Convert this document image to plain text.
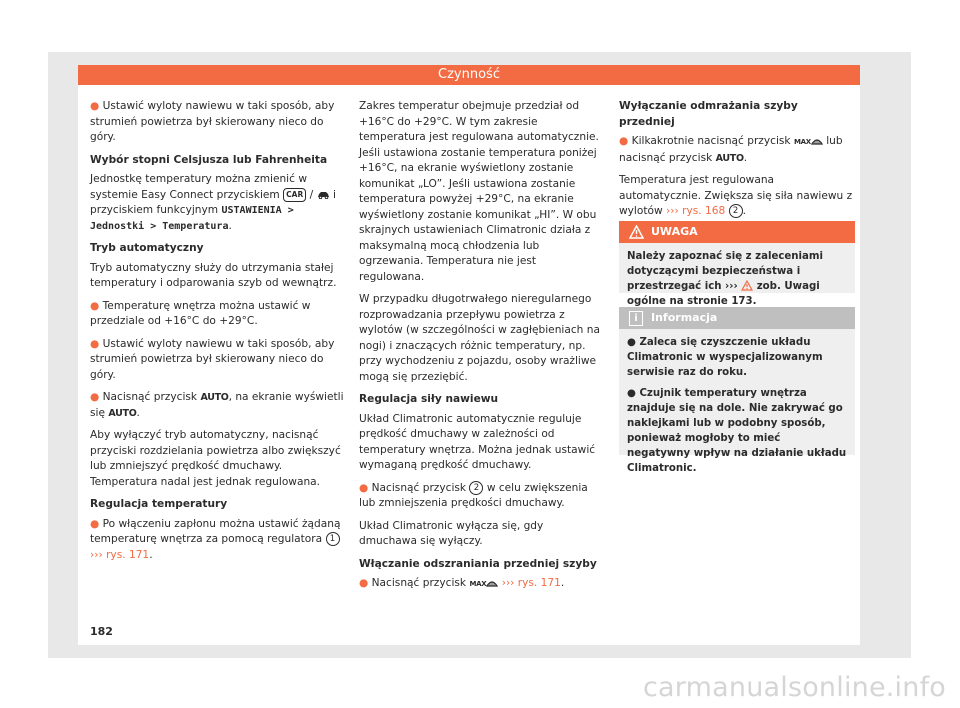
Czynność

● Ustawić wyloty nawiewu w taki sposób, aby strumień powietrza był skierowany nieco do góry.

Wybór stopni Celsjusza lub Fahrenheita

Jednostkę temperatury można zmienić w systemie Easy Connect przyciskiem CAR / i przyciskiem funkcyjnym USTAWIENIA > Jednostki > Temperatura.

Tryb automatyczny

Tryb automatyczny służy do utrzymania stałej temperatury i odparowania szyb od wewnątrz.

● Temperaturę wnętrza można ustawić w przedziale od +16°C do +29°C.

● Ustawić wyloty nawiewu w taki sposób, aby strumień powietrza był skierowany nieco do góry.

● Nacisnąć przycisk AUTO, na ekranie wyświetli się AUTO.

Aby wyłączyć tryb automatyczny, nacisnąć przyciski rozdzielania powietrza albo zwiększyć lub zmniejszyć prędkość dmuchawy. Temperatura nadal jest jednak regulowana.

Regulacja temperatury

● Po włączeniu zapłonu można ustawić żądaną temperaturę wnętrza za pomocą regulatora 1 ››› rys. 171.

Zakres temperatur obejmuje przedział od +16°C do +29°C. W tym zakresie temperatura jest regulowana automatycznie. Jeśli ustawiona zostanie temperatura poniżej +16°C, na ekranie wyświetlony zostanie komunikat „LO”. Jeśli ustawiona zostanie temperatura powyżej +29°C, na ekranie wyświetlony zostanie komunikat „HI”. W obu skrajnych ustawieniach Climatronic działa z maksymalną mocą chłodzenia lub ogrzewania. Temperatura nie jest regulowana.

W przypadku długotrwałego nieregularnego rozprowadzania przepływu powietrza z wylotów (w szczególności w zagłębieniach na nogi) i znaczących różnic temperatury, np. przy wychodzeniu z pojazdu, osoby wrażliwe mogą się przeziębić.

Regulacja siły nawiewu

Układ Climatronic automatycznie reguluje prędkość dmuchawy w zależności od temperatury wnętrza. Można jednak ustawić wymaganą prędkość dmuchawy.

● Nacisnąć przycisk 2 w celu zwiększenia lub zmniejszenia prędkości dmuchawy.

Układ Climatronic wyłącza się, gdy dmuchawa się wyłączy.

Włączanie odszraniania przedniej szyby

● Nacisnąć przycisk MAX ››› rys. 171.

Wyłączanie odmrażania szyby przedniej

● Kilkakrotnie nacisnąć przycisk MAX lub nacisnąć przycisk AUTO.

Temperatura jest regulowana automatycznie. Zwiększa się siła nawiewu z wylotów ››› rys. 168 2 .

UWAGA
Należy zapoznać się z zaleceniami dotyczącymi bezpieczeństwa i przestrzegać ich ››› zob. Uwagi ogólne na stronie 173.
i	Informacja

● Zaleca się czyszczenie układu Climatronic w wyspecjalizowanym serwisie raz do roku.

● Czujnik temperatury wnętrza znajduje się na dole. Nie zakrywać go naklejkami lub w podobny sposób, ponieważ mogłoby to mieć negatywny wpływ na działanie układu Climatronic.

182
carmanualsonline.info
